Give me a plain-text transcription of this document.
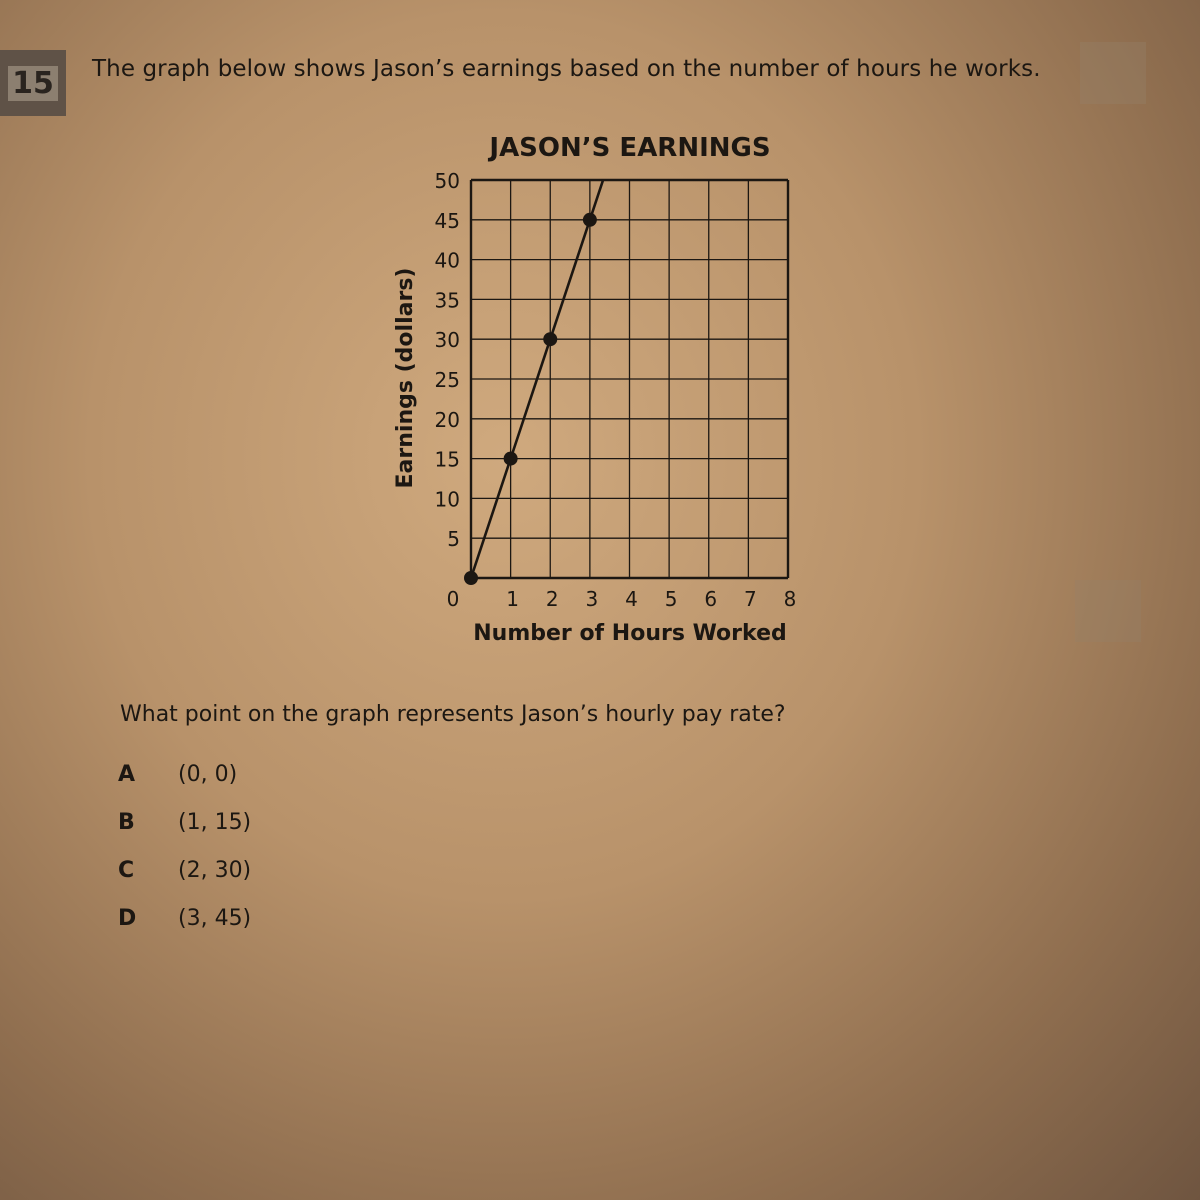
15 The graph below shows Jason’s earnings based on the number of hours he works.
JASON’S EARNINGS
5
10
15
20
25
30
35
40
45
50
0 1 2 3 4 5 6 7 8
Earnings (dollars)
Number of Hours Worked
What point on the graph represents Jason’s hourly pay rate?
A	(0, 0)
B	(1, 15)
C	(2, 30)
D	(3, 45)
